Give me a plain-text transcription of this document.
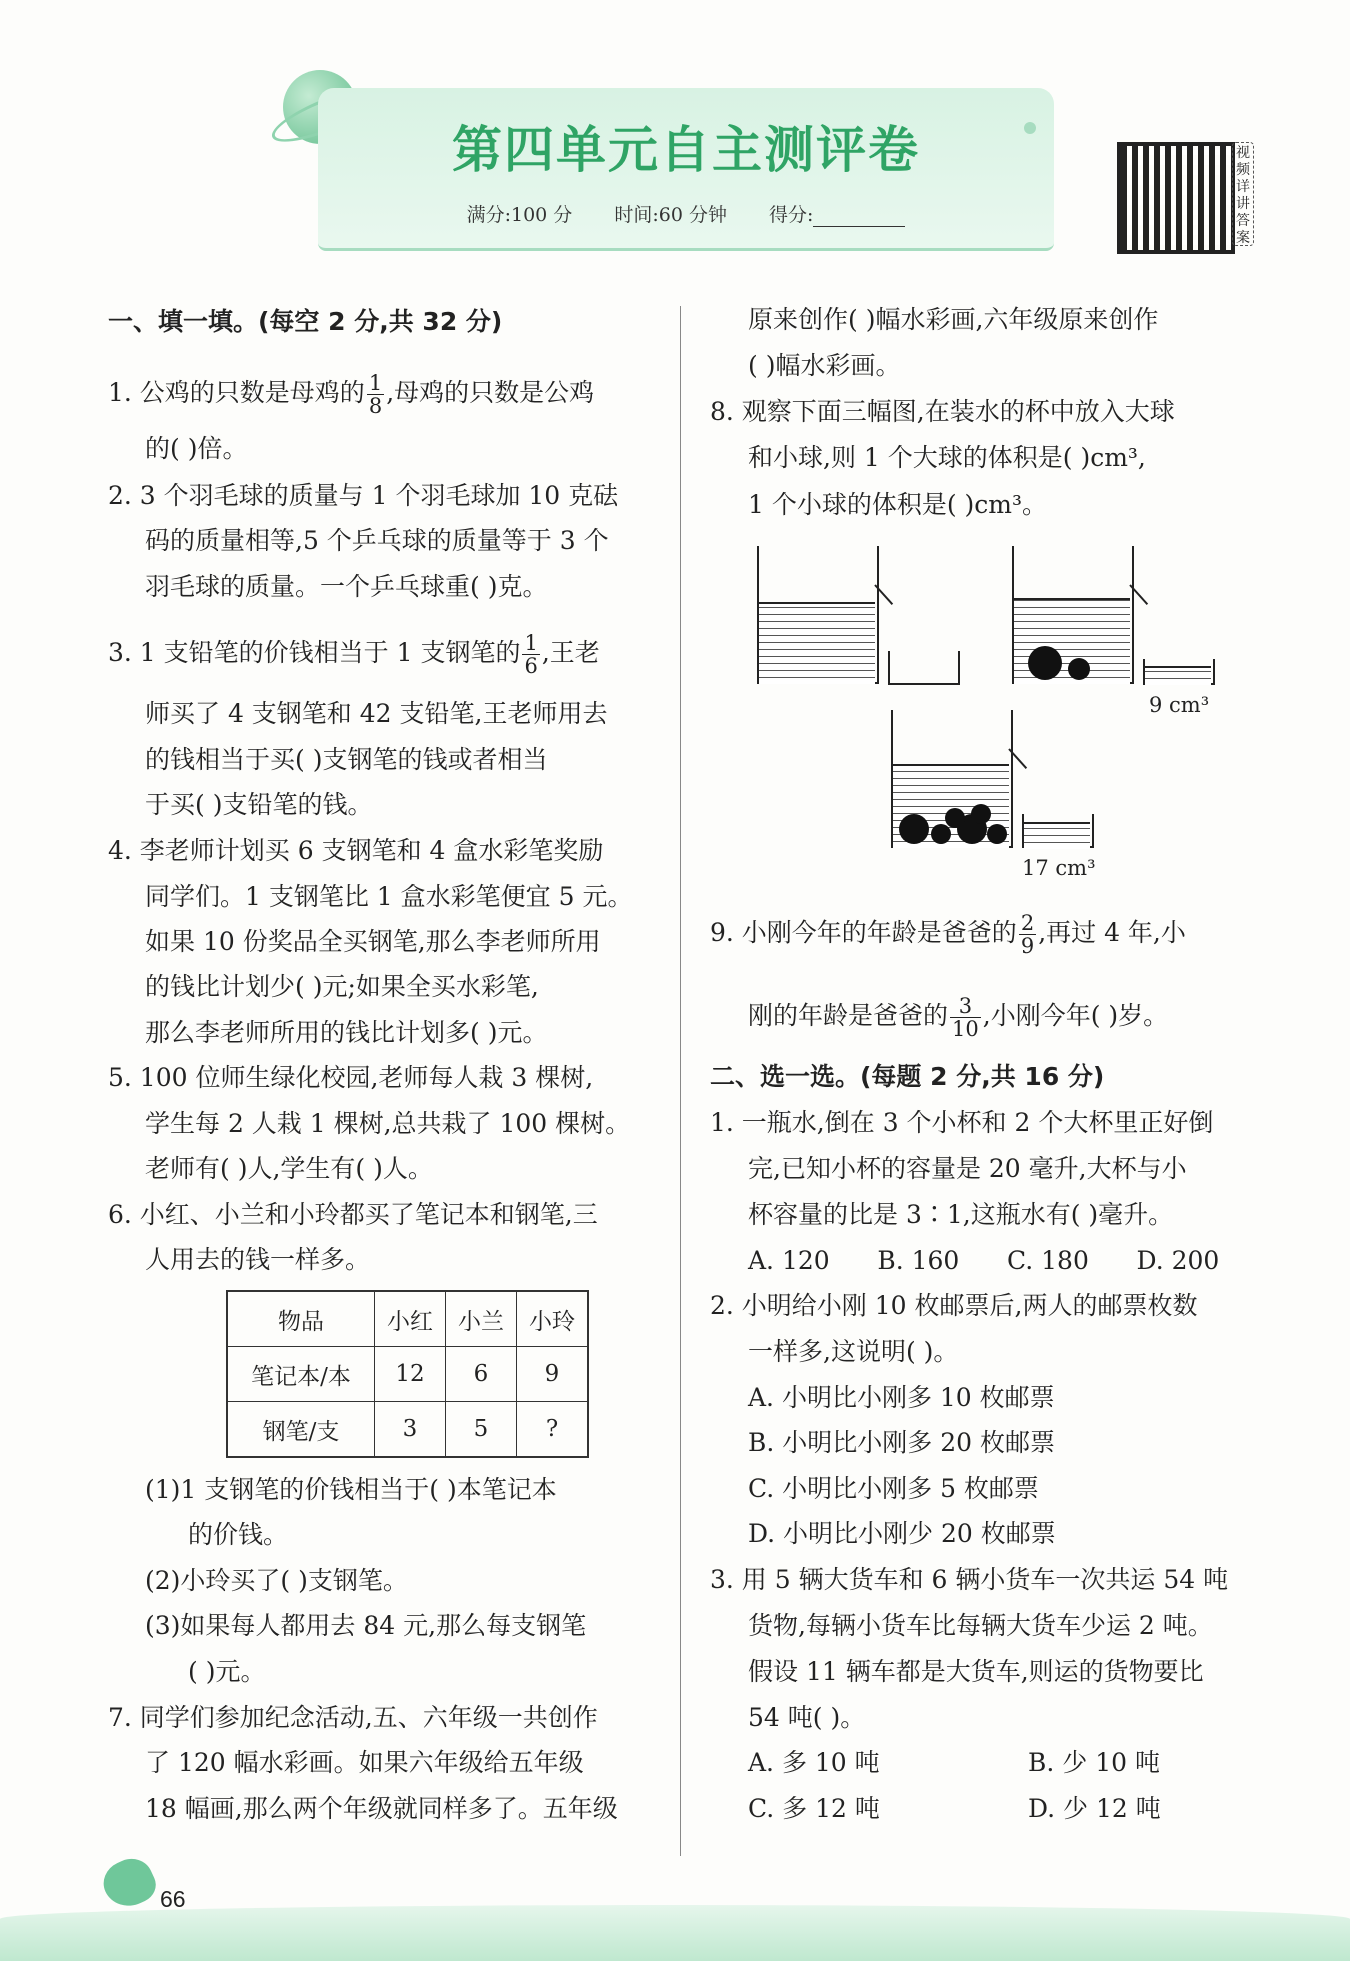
第四单元自主测评卷
满分:100 分 时间:60 分钟 得分:
视频详讲答案
一、填一填。(每空 2 分,共 32 分)
1. 公鸡的只数是母鸡的 $\frac{1}{8}$ ,母鸡的只数是公鸡
的( )倍。
2. 3 个羽毛球的质量与 1 个羽毛球加 10 克砝
码的质量相等,5 个乒乓球的质量等于 3 个
羽毛球的质量。一个乒乓球重( )克。
3. 1 支铅笔的价钱相当于 1 支钢笔的 $\frac{1}{6}$ ,王老
师买了 4 支钢笔和 42 支铅笔,王老师用去
的钱相当于买( )支钢笔的钱或者相当
于买( )支铅笔的钱。
4. 李老师计划买 6 支钢笔和 4 盒水彩笔奖励
同学们。1 支钢笔比 1 盒水彩笔便宜 5 元。
如果 10 份奖品全买钢笔,那么李老师所用
的钱比计划少( )元;如果全买水彩笔,
那么李老师所用的钱比计划多( )元。
5. 100 位师生绿化校园,老师每人栽 3 棵树,
学生每 2 人栽 1 棵树,总共栽了 100 棵树。
老师有( )人,学生有( )人。
6. 小红、小兰和小玲都买了笔记本和钢笔,三
人用去的钱一样多。
物品	小红	小兰	小玲
笔记本/本	12	6	9
钢笔/支	3	5	?
(1)1 支钢笔的价钱相当于( )本笔记本
的价钱。
(2)小玲买了( )支钢笔。
(3)如果每人都用去 84 元,那么每支钢笔
( )元。
7. 同学们参加纪念活动,五、六年级一共创作
了 120 幅水彩画。如果六年级给五年级
18 幅画,那么两个年级就同样多了。五年级
原来创作( )幅水彩画,六年级原来创作
( )幅水彩画。
8. 观察下面三幅图,在装水的杯中放入大球
和小球,则 1 个大球的体积是( )cm³,
1 个小球的体积是( )cm³。
9 cm³
17 cm³
9. 小刚今年的年龄是爸爸的 $\frac{2}{9}$ ,再过 4 年,小
刚的年龄是爸爸的 $\frac{3}{10}$ ,小刚今年( )岁。
二、选一选。(每题 2 分,共 16 分)
1. 一瓶水,倒在 3 个小杯和 2 个大杯里正好倒
完,已知小杯的容量是 20 毫升,大杯与小
杯容量的比是 3∶1,这瓶水有( )毫升。
A. 120      B. 160      C. 180      D. 200
2. 小明给小刚 10 枚邮票后,两人的邮票枚数
一样多,这说明( )。
A. 小明比小刚多 10 枚邮票
B. 小明比小刚多 20 枚邮票
C. 小明比小刚多 5 枚邮票
D. 小明比小刚少 20 枚邮票
3. 用 5 辆大货车和 6 辆小货车一次共运 54 吨
货物,每辆小货车比每辆大货车少运 2 吨。
假设 11 辆车都是大货车,则运的货物要比
54 吨( )。
A. 多 10 吨	B. 少 10 吨
C. 多 12 吨	D. 少 12 吨
66
